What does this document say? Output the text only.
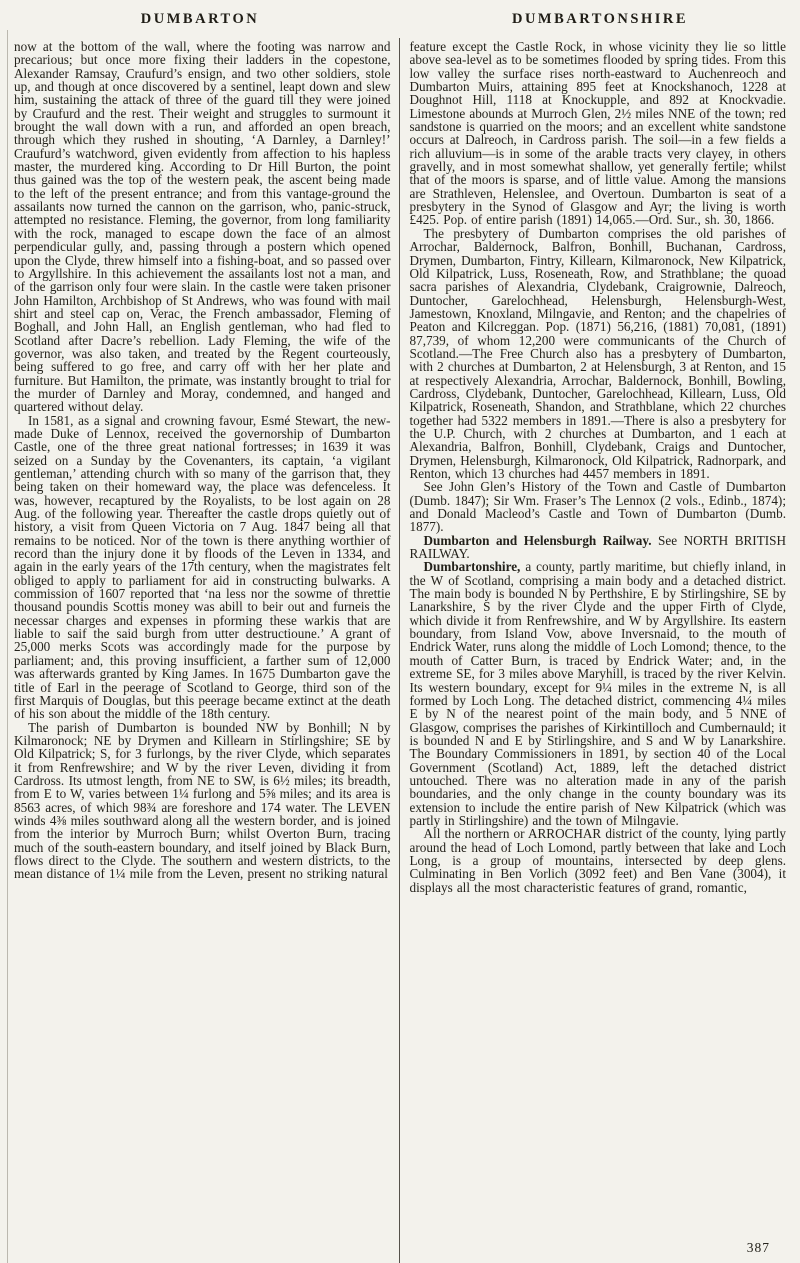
DUMBARTON	DUMBARTONSHIRE

now at the bottom of the wall, where the footing was narrow and precarious; but once more fixing their ladders in the copestone, Alexander Ramsay, Craufurd’s ensign, and two other soldiers, stole up, and though at once discovered by a sentinel, leapt down and slew him, sustaining the attack of three of the guard till they were joined by Craufurd and the rest. Their weight and struggles to surmount it brought the wall down with a run, and afforded an open breach, through which they rushed in shouting, ‘A Darnley, a Darnley!’ Craufurd’s watchword, given evidently from affection to his hapless master, the murdered king. According to Dr Hill Burton, the point thus gained was the top of the western peak, the ascent being made to the left of the present entrance; and from this vantage-ground the assailants now turned the cannon on the garrison, who, panic-struck, attempted no resistance. Fleming, the governor, from long familiarity with the rock, managed to escape down the face of an almost perpendicular gully, and, passing through a postern which opened upon the Clyde, threw himself into a fishing-boat, and so passed over to Argyllshire. In this achievement the assailants lost not a man, and of the garrison only four were slain. In the castle were taken prisoner John Hamilton, Archbishop of St Andrews, who was found with mail shirt and steel cap on, Verac, the French ambassador, Fleming of Boghall, and John Hall, an English gentleman, who had fled to Scotland after Dacre’s rebellion. Lady Fleming, the wife of the governor, was also taken, and treated by the Regent courteously, being suffered to go free, and carry off with her her plate and furniture. But Hamilton, the primate, was instantly brought to trial for the murder of Darnley and Moray, condemned, and hanged and quartered without delay.

In 1581, as a signal and crowning favour, Esmé Stewart, the new-made Duke of Lennox, received the governorship of Dumbarton Castle, one of the three great national fortresses; in 1639 it was seized on a Sunday by the Covenanters, its captain, ‘a vigilant gentleman,’ attending church with so many of the garrison that, they being taken on their homeward way, the place was defenceless. It was, however, recaptured by the Royalists, to be lost again on 28 Aug. of the following year. Thereafter the castle drops quietly out of history, a visit from Queen Victoria on 7 Aug. 1847 being all that remains to be noticed. Nor of the town is there anything worthier of record than the injury done it by floods of the Leven in 1334, and again in the early years of the 17th century, when the magistrates felt obliged to apply to parliament for aid in constructing bulwarks. A commission of 1607 reported that ‘na less nor the sowme of threttie thousand poundis Scottis money was abill to beir out and furneis the necessar charges and expenses in pforming these warkis that are liable to saif the said burgh from utter destructioune.’ A grant of 25,000 merks Scots was accordingly made for the purpose by parliament; and, this proving insufficient, a farther sum of 12,000 was afterwards granted by King James. In 1675 Dumbarton gave the title of Earl in the peerage of Scotland to George, third son of the first Marquis of Douglas, but this peerage became extinct at the death of his son about the middle of the 18th century.

The parish of Dumbarton is bounded NW by Bonhill; N by Kilmaronock; NE by Drymen and Killearn in Stirlingshire; SE by Old Kilpatrick; S, for 3 furlongs, by the river Clyde, which separates it from Renfrewshire; and W by the river Leven, dividing it from Cardross. Its utmost length, from NE to SW, is 6½ miles; its breadth, from E to W, varies between 1¼ furlong and 5⅝ miles; and its area is 8563 acres, of which 98¾ are foreshore and 174 water. The LEVEN winds 4⅜ miles southward along all the western border, and is joined from the interior by Murroch Burn; whilst Overton Burn, tracing much of the south-eastern boundary, and itself joined by Black Burn, flows direct to the Clyde. The southern and western districts, to the mean distance of 1¼ mile from the Leven, present no striking natural

feature except the Castle Rock, in whose vicinity they lie so little above sea-level as to be sometimes flooded by spring tides. From this low valley the surface rises north-eastward to Auchenreoch and Dumbarton Muirs, attaining 895 feet at Knockshanoch, 1228 at Doughnot Hill, 1118 at Knockupple, and 892 at Knockvadie. Limestone abounds at Murroch Glen, 2½ miles NNE of the town; red sandstone is quarried on the moors; and an excellent white sandstone occurs at Dalreoch, in Cardross parish. The soil—in a few fields a rich alluvium—is in some of the arable tracts very clayey, in others gravelly, and in most somewhat shallow, yet generally fertile; whilst that of the moors is sparse, and of little value. Among the mansions are Strathleven, Helenslee, and Overtoun. Dumbarton is seat of a presbytery in the Synod of Glasgow and Ayr; the living is worth £425. Pop. of entire parish (1891) 14,065.—Ord. Sur., sh. 30, 1866.

The presbytery of Dumbarton comprises the old parishes of Arrochar, Baldernock, Balfron, Bonhill, Buchanan, Cardross, Drymen, Dumbarton, Fintry, Killearn, Kilmaronock, New Kilpatrick, Old Kilpatrick, Luss, Roseneath, Row, and Strathblane; the quoad sacra parishes of Alexandria, Clydebank, Craigrownie, Dalreoch, Duntocher, Garelochhead, Helensburgh, Helensburgh-West, Jamestown, Knoxland, Milngavie, and Renton; and the chapelries of Peaton and Kilcreggan. Pop. (1871) 56,216, (1881) 70,081, (1891) 87,739, of whom 12,200 were communicants of the Church of Scotland.—The Free Church also has a presbytery of Dumbarton, with 2 churches at Dumbarton, 2 at Helensburgh, 3 at Renton, and 15 at respectively Alexandria, Arrochar, Baldernock, Bonhill, Bowling, Cardross, Clydebank, Duntocher, Garelochhead, Killearn, Luss, Old Kilpatrick, Roseneath, Shandon, and Strathblane, which 22 churches together had 5322 members in 1891.—There is also a presbytery for the U.P. Church, with 2 churches at Dumbarton, and 1 each at Alexandria, Balfron, Bonhill, Clydebank, Craigs and Duntocher, Drymen, Helensburgh, Kilmaronock, Old Kilpatrick, Radnorpark, and Renton, which 13 churches had 4457 members in 1891.

See John Glen’s History of the Town and Castle of Dumbarton (Dumb. 1847); Sir Wm. Fraser’s The Lennox (2 vols., Edinb., 1874); and Donald Macleod’s Castle and Town of Dumbarton (Dumb. 1877).

Dumbarton and Helensburgh Railway. See NORTH BRITISH RAILWAY.

Dumbartonshire, a county, partly maritime, but chiefly inland, in the W of Scotland, comprising a main body and a detached district. The main body is bounded N by Perthshire, E by Stirlingshire, SE by Lanarkshire, S by the river Clyde and the upper Firth of Clyde, which divide it from Renfrewshire, and W by Argyllshire. Its eastern boundary, from Island Vow, above Inversnaid, to the mouth of Endrick Water, runs along the middle of Loch Lomond; thence, to the mouth of Catter Burn, is traced by Endrick Water; and, in the extreme SE, for 3 miles above Maryhill, is traced by the river Kelvin. Its western boundary, except for 9¼ miles in the extreme N, is all formed by Loch Long. The detached district, commencing 4¼ miles E by N of the nearest point of the main body, and 5 NNE of Glasgow, comprises the parishes of Kirkintilloch and Cumbernauld; it is bounded N and E by Stirlingshire, and S and W by Lanarkshire. The Boundary Commissioners in 1891, by section 40 of the Local Government (Scotland) Act, 1889, left the detached district untouched. There was no alteration made in any of the parish boundaries, and the only change in the county boundary was its extension to include the entire parish of New Kilpatrick (which was partly in Stirlingshire) and the town of Milngavie.

All the northern or ARROCHAR district of the county, lying partly around the head of Loch Lomond, partly between that lake and Loch Long, is a group of mountains, intersected by deep glens. Culminating in Ben Vorlich (3092 feet) and Ben Vane (3004), it displays all the most characteristic features of grand, romantic,

387
